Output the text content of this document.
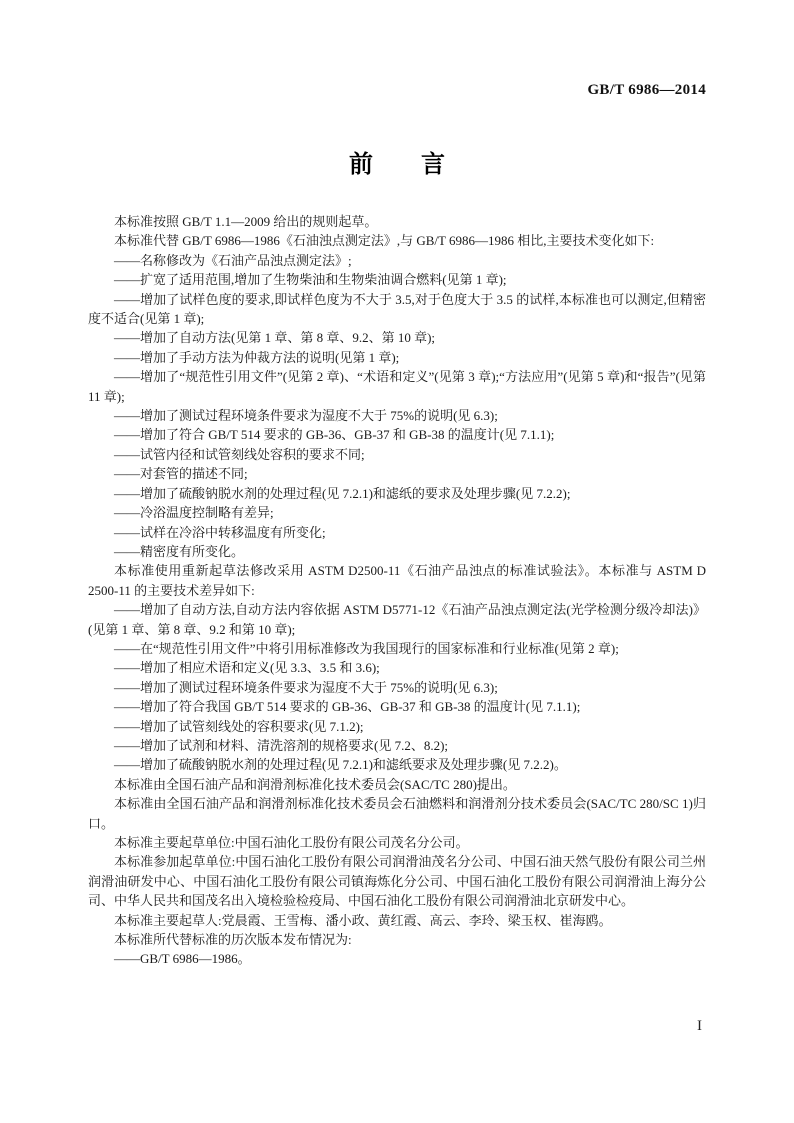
GB/T 6986—2014
前　　言

本标准按照 GB/T 1.1—2009 给出的规则起草。

本标准代替 GB/T 6986—1986《石油浊点测定法》,与 GB/T 6986—1986 相比,主要技术变化如下:

——名称修改为《石油产品浊点测定法》;

——扩宽了适用范围,增加了生物柴油和生物柴油调合燃料(见第 1 章);

——增加了试样色度的要求,即试样色度为不大于 3.5,对于色度大于 3.5 的试样,本标准也可以测定,但精密度不适合(见第 1 章);

——增加了自动方法(见第 1 章、第 8 章、9.2、第 10 章);

——增加了手动方法为仲裁方法的说明(见第 1 章);

——增加了“规范性引用文件”(见第 2 章)、“术语和定义”(见第 3 章);“方法应用”(见第 5 章)和“报告”(见第 11 章);

——增加了测试过程环境条件要求为湿度不大于 75%的说明(见 6.3);

——增加了符合 GB/T 514 要求的 GB-36、GB-37 和 GB-38 的温度计(见 7.1.1);

——试管内径和试管刻线处容积的要求不同;

——对套管的描述不同;

——增加了硫酸钠脱水剂的处理过程(见 7.2.1)和滤纸的要求及处理步骤(见 7.2.2);

——冷浴温度控制略有差异;

——试样在冷浴中转移温度有所变化;

——精密度有所变化。

本标准使用重新起草法修改采用 ASTM D2500-11《石油产品浊点的标准试验法》。本标准与 ASTM D 2500-11 的主要技术差异如下:

——增加了自动方法,自动方法内容依据 ASTM D5771-12《石油产品浊点测定法(光学检测分级冷却法)》(见第 1 章、第 8 章、9.2 和第 10 章);

——在“规范性引用文件”中将引用标准修改为我国现行的国家标准和行业标准(见第 2 章);

——增加了相应术语和定义(见 3.3、3.5 和 3.6);

——增加了测试过程环境条件要求为湿度不大于 75%的说明(见 6.3);

——增加了符合我国 GB/T 514 要求的 GB-36、GB-37 和 GB-38 的温度计(见 7.1.1);

——增加了试管刻线处的容积要求(见 7.1.2);

——增加了试剂和材料、清洗溶剂的规格要求(见 7.2、8.2);

——增加了硫酸钠脱水剂的处理过程(见 7.2.1)和滤纸要求及处理步骤(见 7.2.2)。

本标准由全国石油产品和润滑剂标准化技术委员会(SAC/TC 280)提出。

本标准由全国石油产品和润滑剂标准化技术委员会石油燃料和润滑剂分技术委员会(SAC/TC 280/SC 1)归口。

本标准主要起草单位:中国石油化工股份有限公司茂名分公司。

本标准参加起草单位:中国石油化工股份有限公司润滑油茂名分公司、中国石油天然气股份有限公司兰州润滑油研发中心、中国石油化工股份有限公司镇海炼化分公司、中国石油化工股份有限公司润滑油上海分公司、中华人民共和国茂名出入境检验检疫局、中国石油化工股份有限公司润滑油北京研发中心。

本标准主要起草人:党晨霞、王雪梅、潘小政、黄红霞、高云、李玲、梁玉权、崔海鸥。

本标准所代替标准的历次版本发布情况为:

——GB/T 6986—1986。

I
